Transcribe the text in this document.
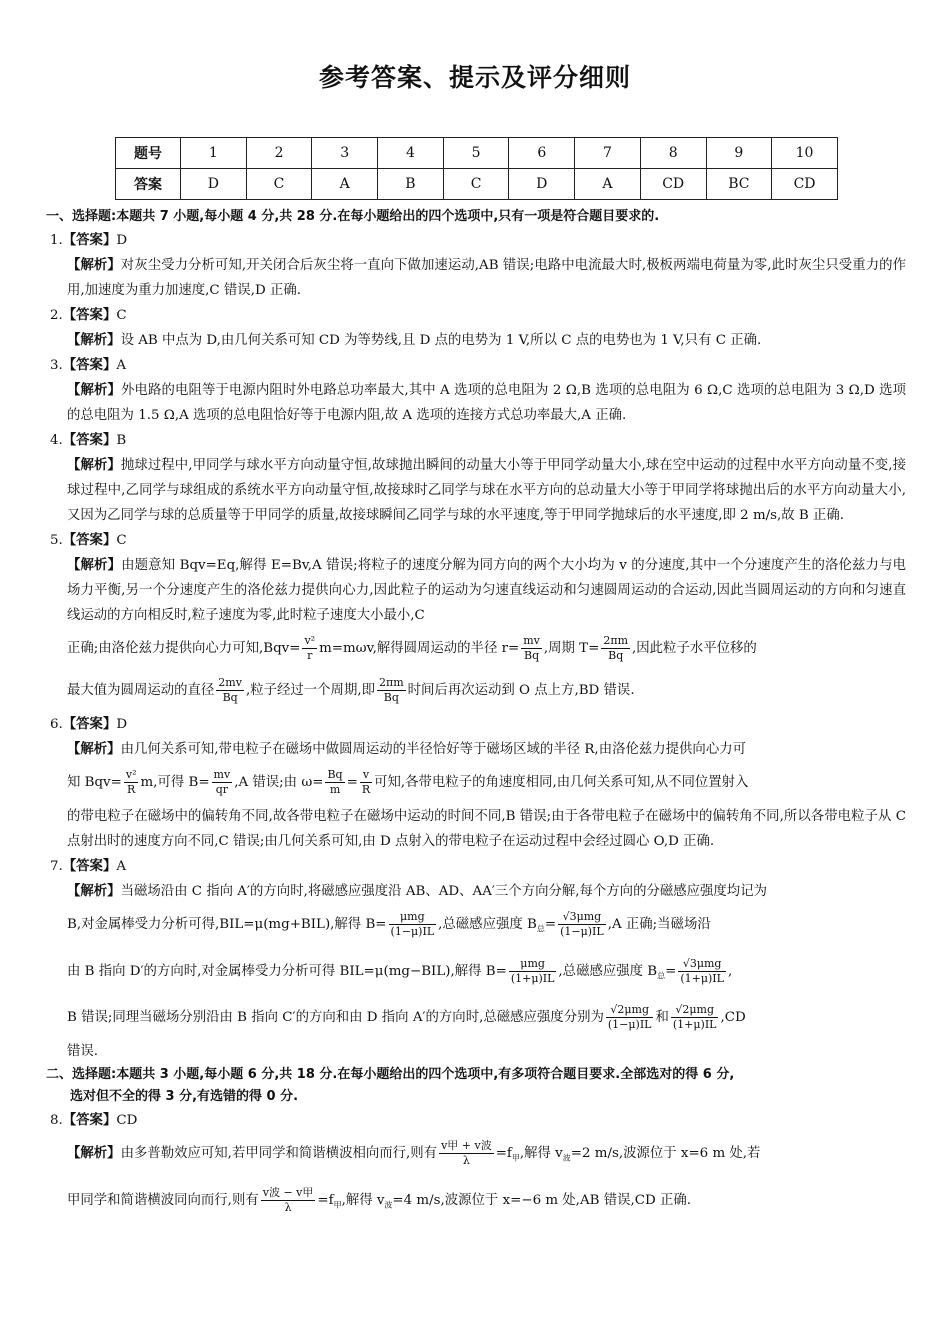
参考答案、提示及评分细则
题号	1	2	3	4	5	6	7	8	9	10
答案	D	C	A	B	C	D	A	CD	BC	CD
一、选择题:本题共 7 小题,每小题 4 分,共 28 分.在每小题给出的四个选项中,只有一项是符合题目要求的.
1.【答案】D
【解析】对灰尘受力分析可知,开关闭合后灰尘将一直向下做加速运动,AB 错误;电路中电流最大时,极板两端电荷量为零,此时灰尘只受重力的作用,加速度为重力加速度,C 错误,D 正确.
2.【答案】C
【解析】设 AB 中点为 D,由几何关系可知 CD 为等势线,且 D 点的电势为 1 V,所以 C 点的电势也为 1 V,只有 C 正确.
3.【答案】A
【解析】外电路的电阻等于电源内阻时外电路总功率最大,其中 A 选项的总电阻为 2 Ω,B 选项的总电阻为 6 Ω,C 选项的总电阻为 3 Ω,D 选项的总电阻为 1.5 Ω,A 选项的总电阻恰好等于电源内阻,故 A 选项的连接方式总功率最大,A 正确.
4.【答案】B
【解析】抛球过程中,甲同学与球水平方向动量守恒,故球抛出瞬间的动量大小等于甲同学动量大小,球在空中运动的过程中水平方向动量不变,接球过程中,乙同学与球组成的系统水平方向动量守恒,故接球时乙同学与球在水平方向的总动量大小等于甲同学将球抛出后的水平方向动量大小,又因为乙同学与球的总质量等于甲同学的质量,故接球瞬间乙同学与球的水平速度,等于甲同学抛球后的水平速度,即 2 m/s,故 B 正确.
5.【答案】C
【解析】由题意知 Bqv=Eq,解得 E=Bv,A 错误;将粒子的速度分解为同方向的两个大小均为 v 的分速度,其中一个分速度产生的洛伦兹力与电场力平衡,另一个分速度产生的洛伦兹力提供向心力,因此粒子的运动为匀速直线运动和匀速圆周运动的合运动,因此当圆周运动的方向和匀速直线运动的方向相反时,粒子速度为零,此时粒子速度大小最小,C
正确;由洛伦兹力提供向心力可知$,Bqv= \frac{\text{v²}}{r} m=m\omega v$,解得圆周运动的半径 $r= \frac{mv}{Bq}$ ,周期 $T= \frac{2\pi m}{Bq}$ ,因此粒子水平位移的
最大值为圆周运动的直径 $\frac{2mv}{Bq}$ ,粒子经过一个周期,即 $\frac{2\pi m}{Bq}$ 时间后再次运动到 O 点上方,BD 错误.
6.【答案】D
【解析】由几何关系可知,带电粒子在磁场中做圆周运动的半径恰好等于磁场区域的半径 R,由洛伦兹力提供向心力可
知 $Bqv= \frac{\text{v²}}{R} m$,可得 $B= \frac{mv}{qr} ,A$ 错误;由 $\omega= \frac{Bq}{m} = \frac{v}{R}$ 可知,各带电粒子的角速度相同,由几何关系可知,从不同位置射入
的带电粒子在磁场中的偏转角不同,故各带电粒子在磁场中运动的时间不同,B 错误;由于各带电粒子在磁场中的偏转角不同,所以各带电粒子从 C 点射出时的速度方向不同,C 错误;由几何关系可知,由 D 点射入的带电粒子在运动过程中会经过圆心 O,D 正确.
7.【答案】A
【解析】当磁场沿由 C 指向 A′的方向时,将磁感应强度沿 AB、AD、AA′三个方向分解,每个方向的分磁感应强度均记为
B,对金属棒受力分析可得,BIL=μ(mg+BIL),解得 $B= \frac{\text{μmg}}{(1-\mu)IL}$ ,总磁感应强度 $B_总= \frac{\text{√3μmg}}{(1-\mu)IL} ,A$ 正确;当磁场沿
由 B 指向 D′的方向时,对金属棒受力分析可得 BIL=μ(mg−BIL),解得 $B= \frac{\text{μmg}}{(1+\mu)IL}$ ,总磁感应强度 $B_总= \frac{\text{√3μmg}}{(1+\mu)IL}$ ,
B 错误;同理当磁场分别沿由 B 指向 C′的方向和由 D 指向 A′的方向时,总磁感应强度分别为 $\frac{\text{√2μmg}}{(1-\mu)IL}$ 和 $\frac{\text{√2μmg}}{(1+\mu)IL} ,CD$
错误.
二、选择题:本题共 3 小题,每小题 6 分,共 18 分.在每小题给出的四个选项中,有多项符合题目要求.全部选对的得 6 分,
选对但不全的得 3 分,有选错的得 0 分.
8.【答案】CD
【解析】由多普勒效应可知,若甲同学和简谐横波相向而行,则有 $\frac{\text{v甲 + v波}}{\lambda} =f_甲$,解得 $v_波=2$ m/s,波源位于 x=6 m 处,若
甲同学和简谐横波同向而行,则有 $\frac{\text{v波 − v甲}}{\lambda} =f_甲$,解得 $v_波=4$ m/s,波源位于 x=−6 m 处,AB 错误,CD 正确.
